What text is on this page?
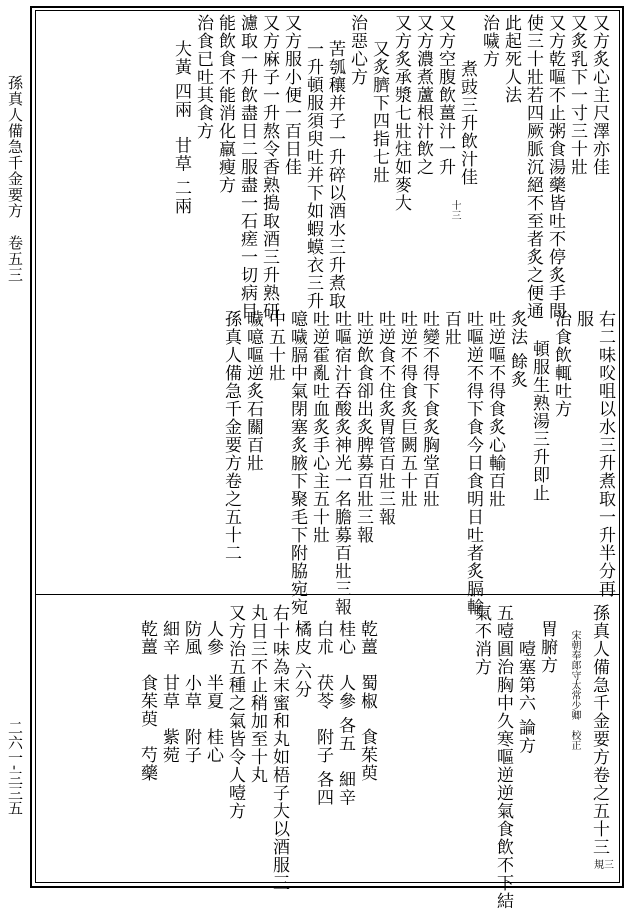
孫真人備急千金要方　卷五三
二六一-三三五
又方炙心主尺澤亦佳
又炙乳下一寸三十壯
又方乾嘔不止粥食湯藥皆吐不停炙手間
使三十壯若四厥脈沉絕不至者炙之便通
此起死人法
治噦方
煮豉三升飲汁佳
又方空腹飲薑汁一升
又方濃煮蘆根汁飲之
又方炙承漿七壯炷如麥大
又炙臍下四指七壯
治惡心方
苦瓠穰并子一升碎以酒水三升煮取
一升頓服須臾吐并下如蝦蟆衣三升
又方服小便一百日佳
又方麻子一升熬令香熟搗取酒三升熟研
濾取一升飲盡日二服盡一石瘥一切病目
能飲食不能消化羸瘦方
治食已吐其食方
大黃 四兩　甘草 二兩
右二味㕮咀以水三升煮取一升半分再
服
治食飲輒吐方
頓服生熟湯三升即止
炙法 餘炙
吐逆嘔不得食炙心輸百壯
吐嘔逆不得下食今日食明日吐者炙膈輸
百壯
吐變不得下食炙胸堂百壯
吐逆不得食炙巨闕五十壯
吐逆食不住炙胃管百壯三報
吐逆飲食卻出炙脾募百壯三報
吐嘔宿汁吞酸炙神光一名膽募百壯三報
吐逆霍亂吐血炙手心主五十壯
噫噦膈中氣閉塞炙腋下聚毛下附脇宛宛
中五十壯
噦噫嘔逆炙石關百壯
孫真人備急千金要方卷之五十二
十三
孫真人備急千金要方卷之五十三
宋朝奉郎守太常少卿　校正
胃腑方
噎塞第六 論方
五噎圓治胸中久寒嘔逆逆氣食飲不下結
氣不消方
乾薑　蜀椒　食茱萸
桂心　人參 各五　細辛
白朮　茯苓　附子 各四
橘皮 六分
右十味為末蜜和丸如梧子大以酒服三
丸日三不止稍加至十丸
又方治五種之氣皆令人噎方
人參　半夏　桂心
防風　小草　附子
細辛　甘草　紫菀
乾薑　食茱萸　芍藥
規三
